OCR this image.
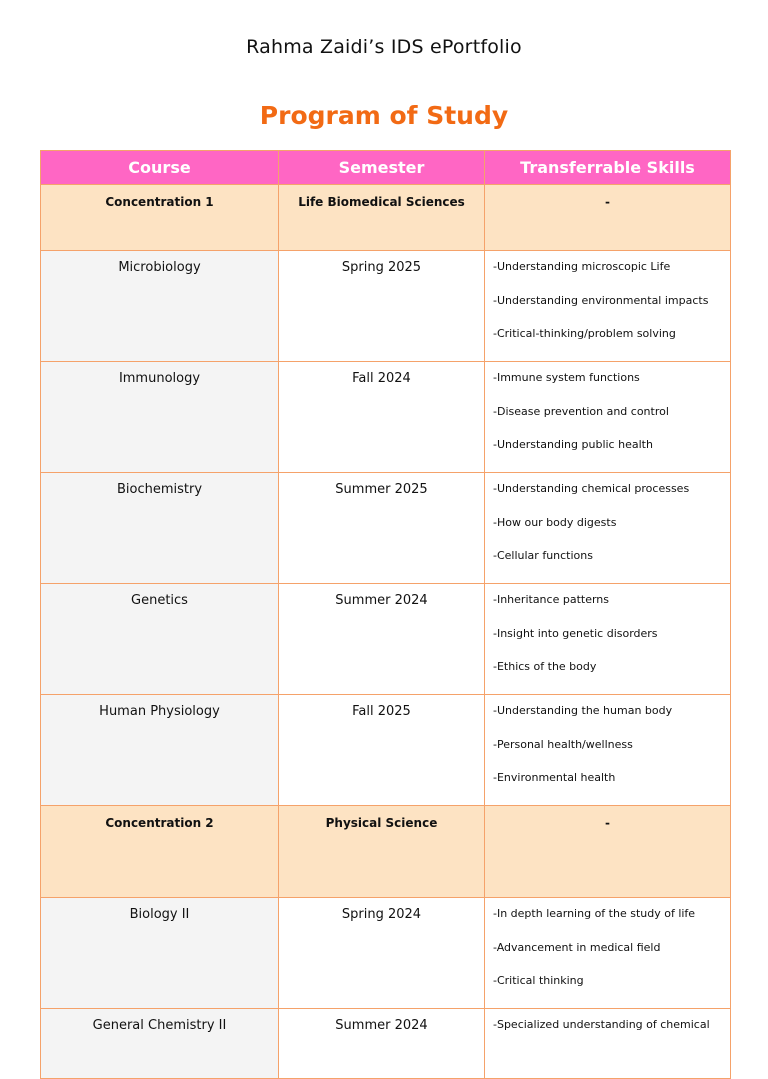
Rahma Zaidi’s IDS ePortfolio
Program of Study
Course	Semester	Transferrable Skills
Concentration 1	Life Biomedical Sciences	-
Microbiology	Spring 2025	-Understanding microscopic Life
-Understanding environmental impacts
-Critical-thinking/problem solving

Immunology	Fall 2024	-Immune system functions
-Disease prevention and control
-Understanding public health

Biochemistry	Summer 2025	-Understanding chemical processes
-How our body digests
-Cellular functions

Genetics	Summer 2024	-Inheritance patterns
-Insight into genetic disorders
-Ethics of the body

Human Physiology	Fall 2025	-Understanding the human body
-Personal health/wellness
-Environmental health

Concentration 2	Physical Science	-
Biology II	Spring 2024	-In depth learning of the study of life
-Advancement in medical field
-Critical thinking

General Chemistry II	Summer 2024	-Specialized understanding of chemical
